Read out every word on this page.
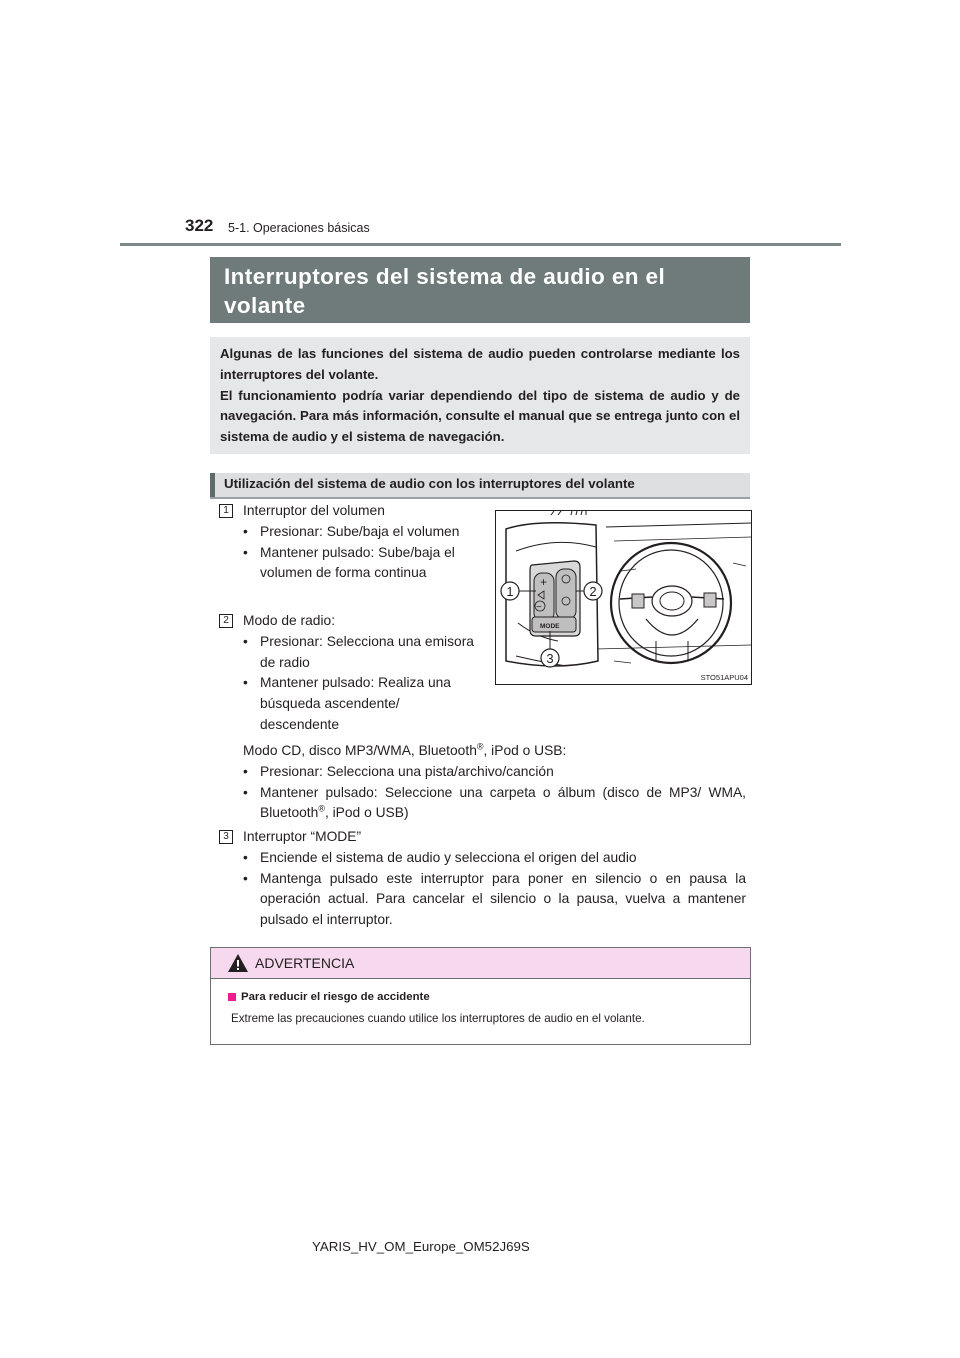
322 5-1. Operaciones básicas
Interruptores del sistema de audio en el volante

Algunas de las funciones del sistema de audio pueden controlarse mediante los interruptores del volante.

El funcionamiento podría variar dependiendo del tipo de sistema de audio y de navegación. Para más información, consulte el manual que se entrega junto con el sistema de audio y el sistema de navegación.

Utilización del sistema de audio con los interruptores del volante
1	Interruptor del volumen

• Presionar: Sube/baja el volumen
• Mantener pulsado: Sube/baja el volumen de forma continua
2	Modo de radio:

• Presionar: Selecciona una emisora de radio
• Mantener pulsado: Realiza una búsqueda ascendente/ descendente

Modo CD, disco MP3/WMA, Bluetooth®, iPod o USB:

• Presionar: Selecciona una pista/archivo/canción
• Mantener pulsado: Seleccione una carpeta o álbum (disco de MP3/ WMA, Bluetooth®, iPod o USB)
3	Interruptor “MODE”

• Enciende el sistema de audio y selecciona el origen del audio
• Mantenga pulsado este interruptor para poner en silencio o en pausa la operación actual. Para cancelar el silencio o la pausa, vuelva a mantener pulsado el interruptor.
+
−
MODE
1	2
3
STO51APU04
ADVERTENCIA
Para reducir el riesgo de accidente
Extreme las precauciones cuando utilice los interruptores de audio en el volante.
YARIS_HV_OM_Europe_OM52J69S
